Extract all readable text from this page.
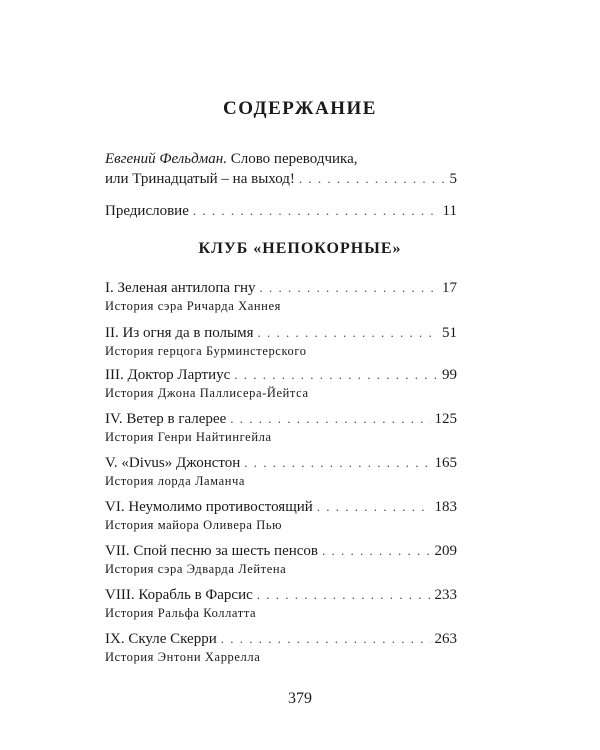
СОДЕРЖАНИЕ
Евгений Фельдман. Слово переводчика,
или Тринадцатый – на выход! . . .	5
Предисловие . . .	11
КЛУБ «НЕПОКОРНЫЕ»
I. Зеленая антилопа гну . . .	17
История сэра Ричарда Ханнея
II. Из огня да в полымя . . .	51
История герцога Бурминстерского
III. Доктор Лартиус . . .	99
История Джона Паллисера-Йейтса
IV. Ветер в галерее . . .	125
История Генри Найтингейла
V. «Divus» Джонстон . . .	165
История лорда Ламанча
VI. Неумолимо противостоящий . . .	183
История майора Оливера Пью
VII. Спой песню за шесть пенсов . . .	209
История сэра Эдварда Лейтена
VIII. Корабль в Фарсис . . .	233
История Ральфа Коллатта
IX. Скуле Скерри . . .	263
История Энтони Харрелла
379
